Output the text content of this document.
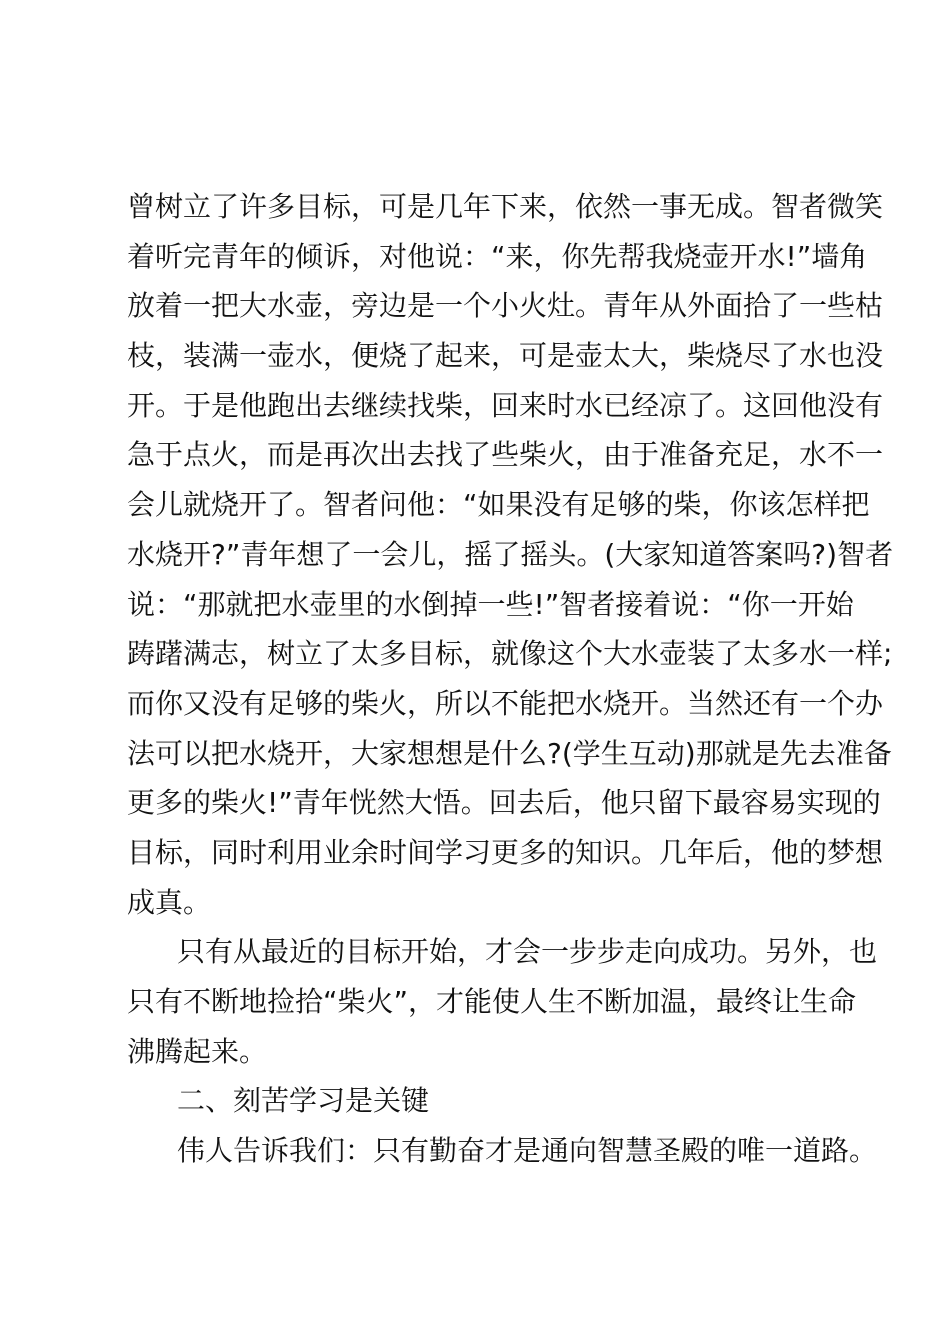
曾树立了许多目标，可是几年下来，依然一事无成。智者微笑
着听完青年的倾诉，对他说：“来，你先帮我烧壶开水!”墙角
放着一把大水壶，旁边是一个小火灶。青年从外面拾了一些枯
枝，装满一壶水，便烧了起来，可是壶太大，柴烧尽了水也没
开。于是他跑出去继续找柴，回来时水已经凉了。这回他没有
急于点火，而是再次出去找了些柴火，由于准备充足，水不一
会儿就烧开了。智者问他：“如果没有足够的柴，你该怎样把
水烧开?”青年想了一会儿，摇了摇头。(大家知道答案吗?)智者
说：“那就把水壶里的水倒掉一些!”智者接着说：“你一开始
踌躇满志，树立了太多目标，就像这个大水壶装了太多水一样;
而你又没有足够的柴火，所以不能把水烧开。当然还有一个办
法可以把水烧开，大家想想是什么?(学生互动)那就是先去准备
更多的柴火!”青年恍然大悟。回去后，他只留下最容易实现的
目标，同时利用业余时间学习更多的知识。几年后，他的梦想
成真。
只有从最近的目标开始，才会一步步走向成功。另外，也
只有不断地捡拾“柴火”，才能使人生不断加温，最终让生命
沸腾起来。
二、刻苦学习是关键
伟人告诉我们：只有勤奋才是通向智慧圣殿的唯一道路。
